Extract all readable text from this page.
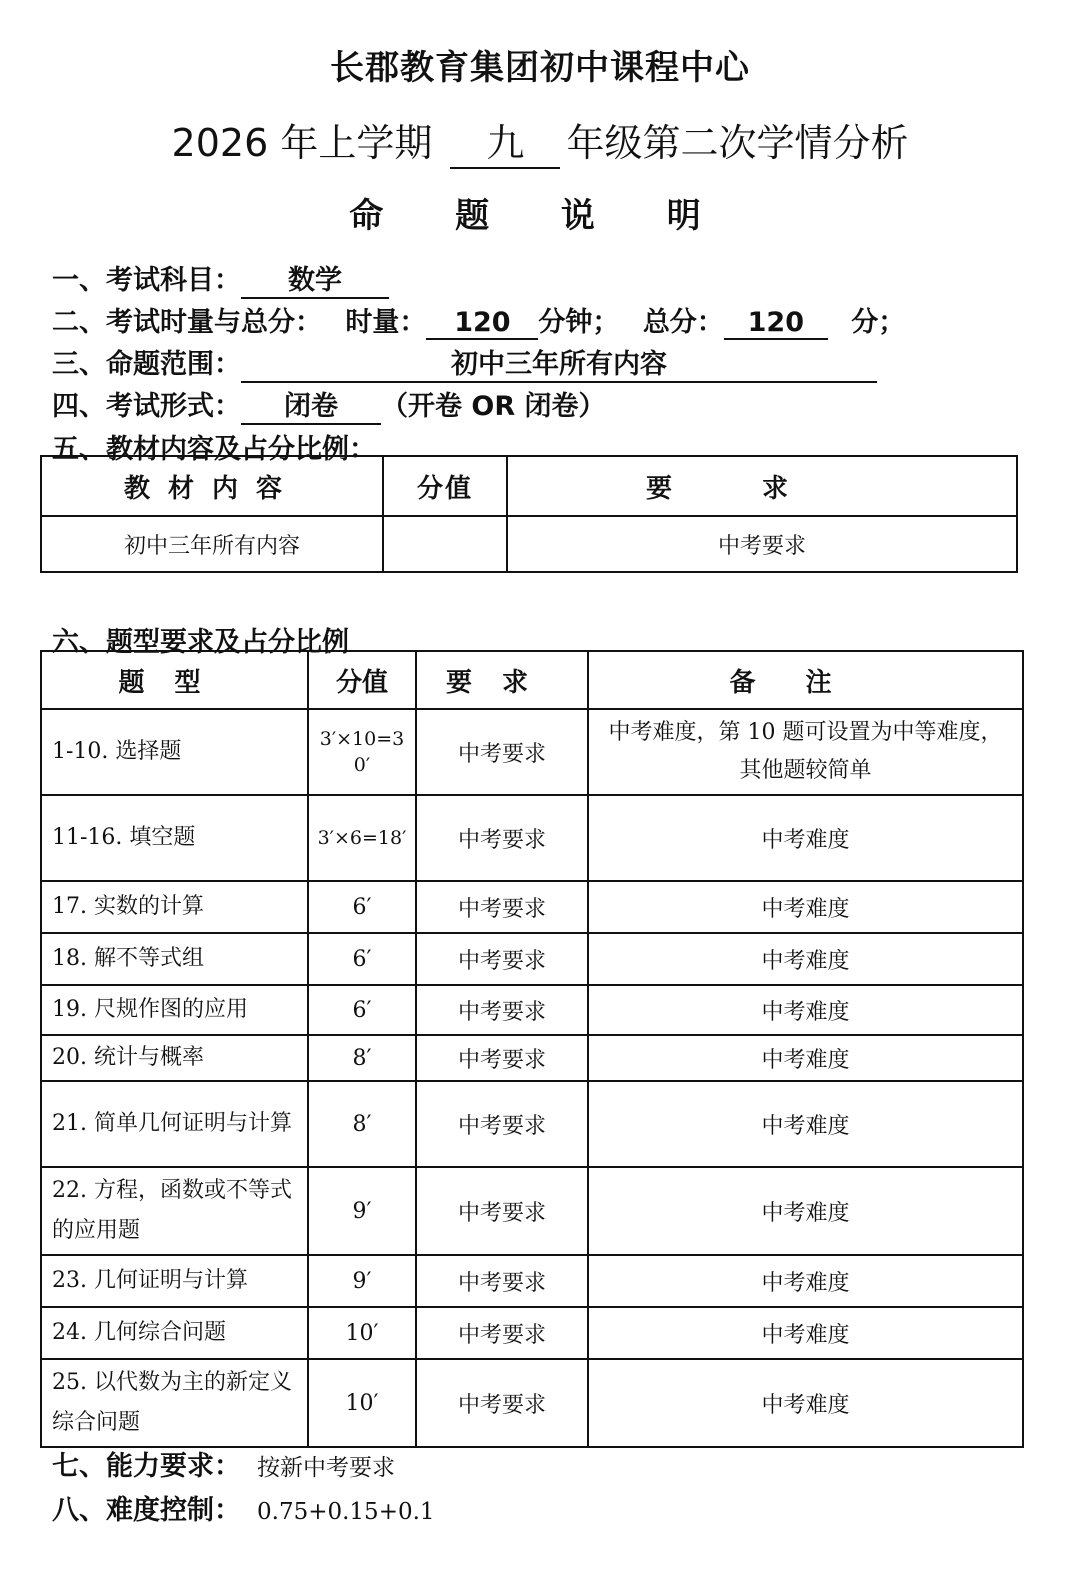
长郡教育集团初中课程中心
2026 年上学期 九 年级第二次学情分析
命 题 说 明
一、考试科目： 数学
二、考试时量与总分： 时量： 120 分钟； 总分： 120 分；
三、命题范围：	初中三年所有内容
四、考试形式： 闭卷 （开卷 OR 闭卷）
五、教材内容及占分比例：
教材内容	分值	要求
初中三年所有内容		中考要求
六、题型要求及占分比例
题型	分值	要求	备注
1-10. 选择题	3′×10=30′	中考要求	中考难度，第 10 题可设置为中等难度，其他题较简单
11-16. 填空题	3′×6=18′	中考要求	中考难度
17. 实数的计算	6′	中考要求	中考难度
18. 解不等式组	6′	中考要求	中考难度
19. 尺规作图的应用	6′	中考要求	中考难度
20. 统计与概率	8′	中考要求	中考难度
21. 简单几何证明与计算	8′	中考要求	中考难度
22. 方程，函数或不等式的应用题	9′	中考要求	中考难度
23. 几何证明与计算	9′	中考要求	中考难度
24. 几何综合问题	10′	中考要求	中考难度
25. 以代数为主的新定义综合问题	10′	中考要求	中考难度
七、能力要求： 按新中考要求
八、难度控制： 0.75+0.15+0.1
